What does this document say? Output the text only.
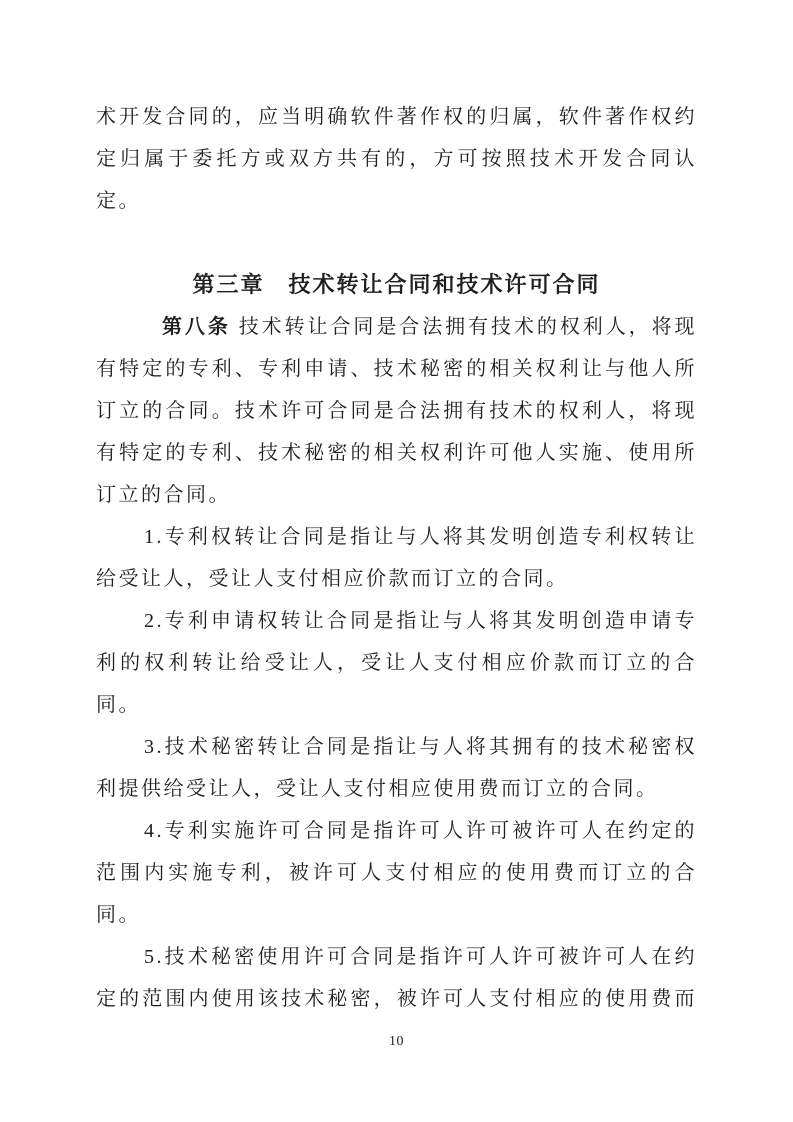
术开发合同的，应当明确软件著作权的归属，软件著作权约
定归属于委托方或双方共有的，方可按照技术开发合同认
定。
第三章　技术转让合同和技术许可合同
第八条 技术转让合同是合法拥有技术的权利人，将现
有特定的专利、专利申请、技术秘密的相关权利让与他人所
订立的合同。技术许可合同是合法拥有技术的权利人，将现
有特定的专利、技术秘密的相关权利许可他人实施、使用所
订立的合同。
1.专利权转让合同是指让与人将其发明创造专利权转让
给受让人，受让人支付相应价款而订立的合同。
2.专利申请权转让合同是指让与人将其发明创造申请专
利的权利转让给受让人，受让人支付相应价款而订立的合
同。
3.技术秘密转让合同是指让与人将其拥有的技术秘密权
利提供给受让人，受让人支付相应使用费而订立的合同。
4.专利实施许可合同是指许可人许可被许可人在约定的
范围内实施专利，被许可人支付相应的使用费而订立的合
同。
5.技术秘密使用许可合同是指许可人许可被许可人在约
定的范围内使用该技术秘密，被许可人支付相应的使用费而
10
